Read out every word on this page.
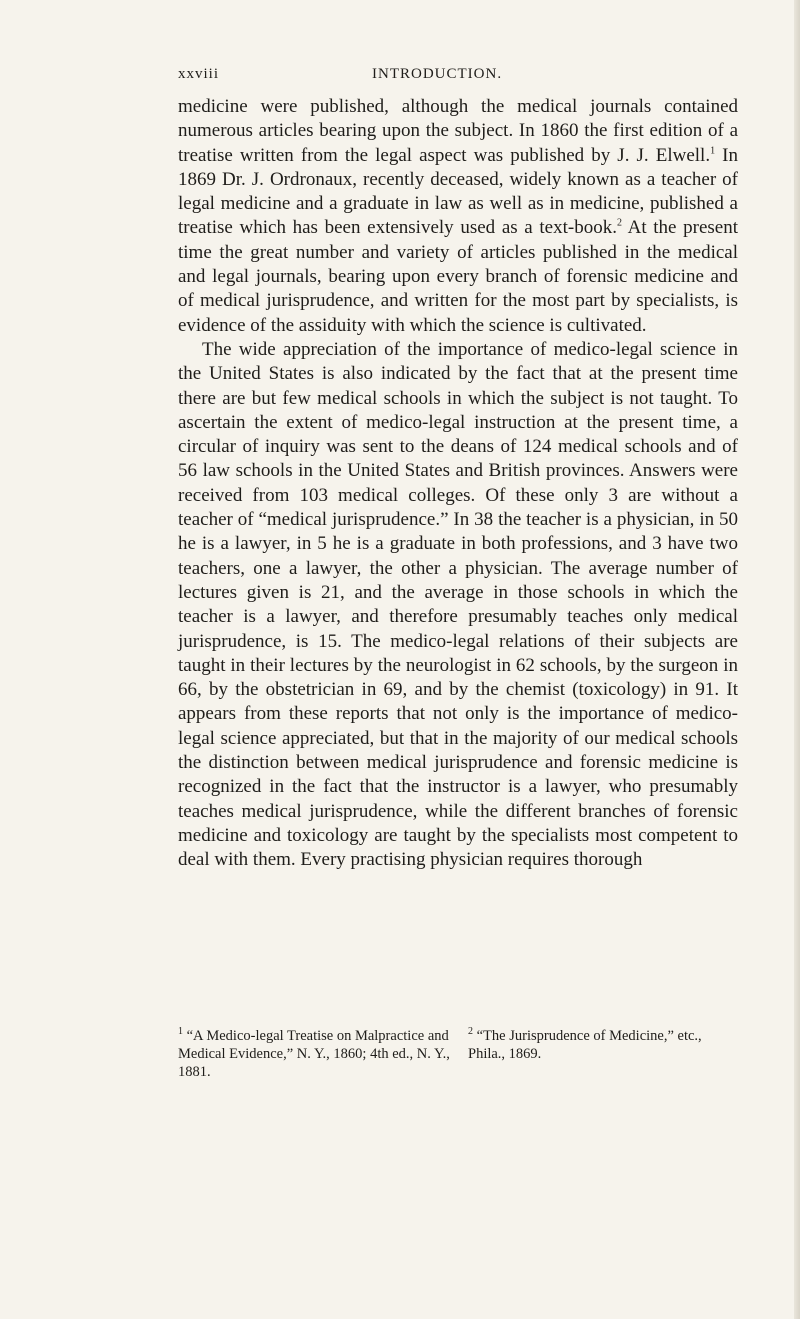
xxviii	INTRODUCTION.

medicine were published, although the medical journals contained numerous articles bearing upon the subject. In 1860 the first edition of a treatise written from the legal aspect was published by J. J. Elwell.$^1$ In 1869 Dr. J. Ordronaux, recently deceased, widely known as a teacher of legal medicine and a graduate in law as well as in medicine, published a treatise which has been extensively used as a text-book.$^2$ At the present time the great number and variety of articles published in the medical and legal journals, bearing upon every branch of forensic medicine and of medical jurisprudence, and written for the most part by specialists, is evidence of the assiduity with which the science is cultivated.

The wide appreciation of the importance of medico-legal science in the United States is also indicated by the fact that at the present time there are but few medical schools in which the subject is not taught. To ascertain the extent of medico-legal instruction at the present time, a circular of inquiry was sent to the deans of 124 medical schools and of 56 law schools in the United States and British provinces. Answers were received from 103 medical colleges. Of these only 3 are without a teacher of “medical jurisprudence.” In 38 the teacher is a physician, in 50 he is a lawyer, in 5 he is a graduate in both professions, and 3 have two teachers, one a lawyer, the other a physician. The average number of lectures given is 21, and the average in those schools in which the teacher is a lawyer, and therefore presumably teaches only medical jurisprudence, is 15. The medico-legal relations of their subjects are taught in their lectures by the neurologist in 62 schools, by the surgeon in 66, by the obstetrician in 69, and by the chemist (toxicology) in 91. It appears from these reports that not only is the importance of medico-legal science appreciated, but that in the majority of our medical schools the distinction between medical jurisprudence and forensic medicine is recognized in the fact that the instructor is a lawyer, who presumably teaches medical jurisprudence, while the different branches of forensic medicine and toxicology are taught by the specialists most competent to deal with them. Every practising physician requires thorough

$^1$ “A Medico-legal Treatise on Malpractice and Medical Evidence,” N. Y., 1860; 4th ed., N. Y., 1881.
$^2$ “The Jurisprudence of Medicine,” etc., Phila., 1869.
